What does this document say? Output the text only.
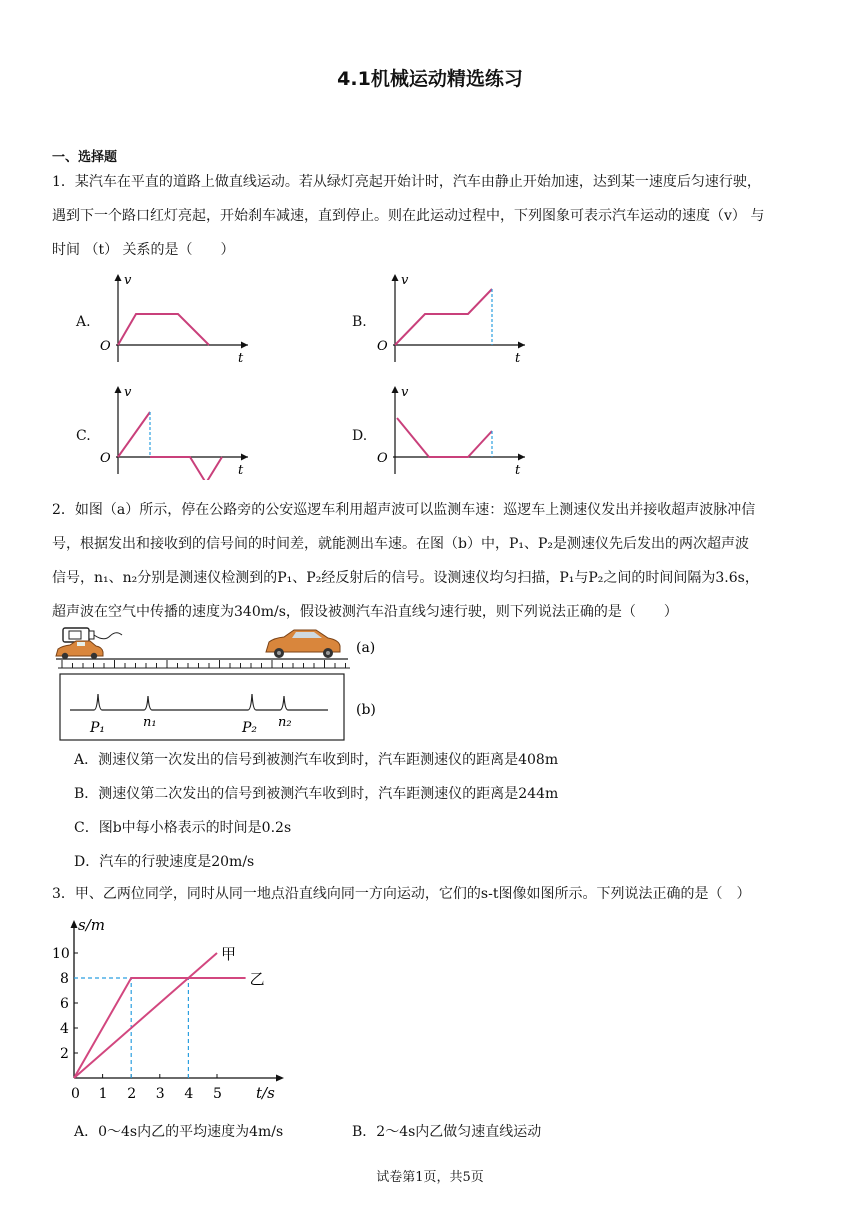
4.1机械运动精选练习
一、选择题

1．某汽车在平直的道路上做直线运动。若从绿灯亮起开始计时，汽车由静止开始加速，达到某一速度后匀速行驶，

遇到下一个路口红灯亮起，开始刹车减速，直到停止。则在此运动过程中，下列图象可表示汽车运动的速度（v） 与

时间 （t） 关系的是（　　）

A.	B.
C.	D.
v
t
O
v
t
O
v
t
O
v
t
O

2．如图（a）所示，停在公路旁的公安巡逻车利用超声波可以监测车速：巡逻车上测速仪发出并接收超声波脉冲信

号，根据发出和接收到的信号间的时间差，就能测出车速。在图（b）中，P₁、P₂是测速仪先后发出的两次超声波

信号，n₁、n₂分别是测速仪检测到的P₁、P₂经反射后的信号。设测速仪均匀扫描，P₁与P₂之间的时间间隔为3.6s，

超声波在空气中传播的速度为340m/s，假设被测汽车沿直线匀速行驶，则下列说法正确的是（　　）

P₁	n₁	P₂ n₂
(a)
(b)
A．测速仪第一次发出的信号到被测汽车收到时，汽车距测速仪的距离是408m
B．测速仪第二次发出的信号到被测汽车收到时，汽车距测速仪的距离是244m
C．图b中每小格表示的时间是0.2s
D．汽车的行驶速度是20m/s
3．甲、乙两位同学，同时从同一地点沿直线向同一方向运动，它们的s-t图像如图所示。下列说法正确的是（　）
0 1 2 3 4 5
2
4
6
8
10
s/m
t/s
甲
乙
A．0～4s内乙的平均速度为4m/s	B．2～4s内乙做匀速直线运动
试卷第1页，共5页
